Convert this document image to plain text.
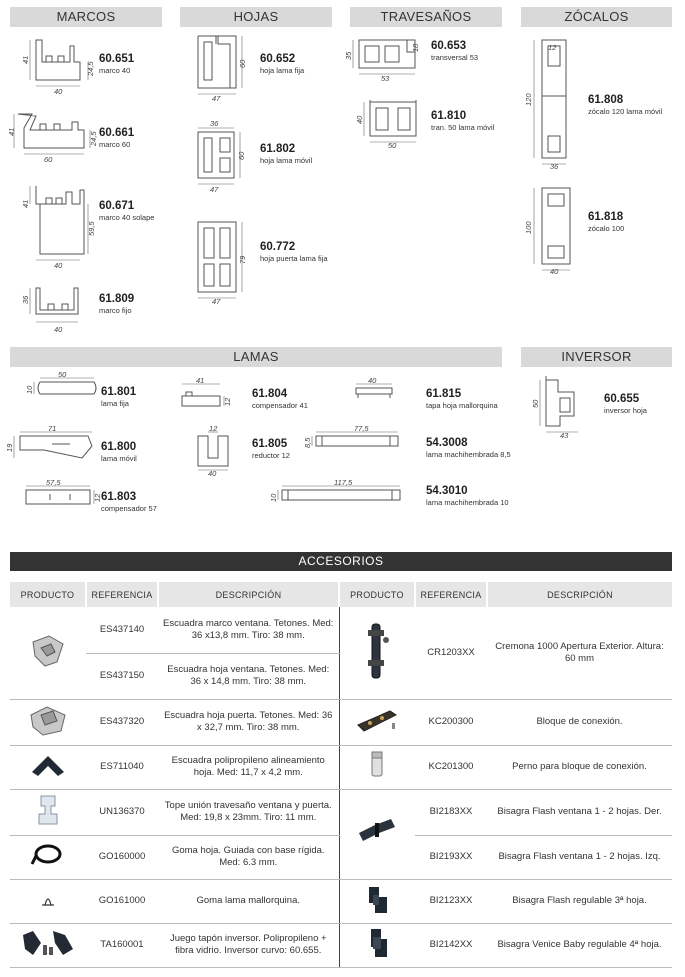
MARCOS	HOJAS	TRAVESAÑOS	ZÓCALOS
LAMAS	INVERSOR
41
24,5
40
60.651
marco 40
41	24,5
60
60.661
marco 60
41
59,5
40
60.671
marco 40 solape
36
40
61.809
marco fijo
60
47
60.652
hoja lama fija
36
60
47
61.802
hoja lama móvil
79
47
60.772
hoja puerta lama fija
35
18
53
60.653
transversal 53
40
50
61.810
tran. 50 lama móvil
12
120
36
61.808
zócalo 120 lama móvil
100
40
61.818
zócalo 100
50
10	61.801
lama fija
71
19	61.800
lama móvil
57,5
12 61.803
compensador 57
41
12
61.804
compensador 41
12
40
61.805
reductor 12
40
61.815
tapa hoja mallorquina
77,5
8,5	54.3008
lama machihembrada 8,5
117,5
10
54.3010
lama machihembrada 10
50
43
60.655
inversor hoja
ACCESORIOS
PRODUCTO	REFERENCIA	DESCRIPCIÓN	PRODUCTO	REFERENCIA	DESCRIPCIÓN
	ES437140	Escuadra marco ventana. Tetones. Med: 36 x13,8 mm. Tiro: 38 mm.		CR1203XX	Cremona 1000 Apertura Exterior. Altura: 60 mm
	ES437150	Escuadra hoja ventana. Tetones. Med: 36 x 14,8 mm. Tiro: 38 mm.			
	ES437320	Escuadra hoja puerta. Tetones. Med: 36 x 32,7 mm. Tiro: 38 mm.		KC200300	Bloque de conexión.
	ES711040	Escuadra polipropileno alineamiento hoja. Med: 11,7 x 4,2 mm.		KC201300	Perno para bloque de conexión.
	UN136370	Tope unión travesaño ventana y puerta. Med: 19,8 x 23mm. Tiro: 11 mm.		BI2183XX	Bisagra Flash ventana 1 - 2 hojas. Der.
	GO160000	Goma hoja. Guiada con base rígida. Med: 6.3 mm.		BI2193XX	Bisagra Flash ventana 1 - 2 hojas. Izq.
	GO161000	Goma lama mallorquina.		BI2123XX	Bisagra Flash regulable 3ª hoja.
	TA160001	Juego tapón inversor. Polipropileno + fibra vidrio. Inversor curvo: 60.655.		BI2142XX	Bisagra Venice Baby regulable 4ª hoja.
